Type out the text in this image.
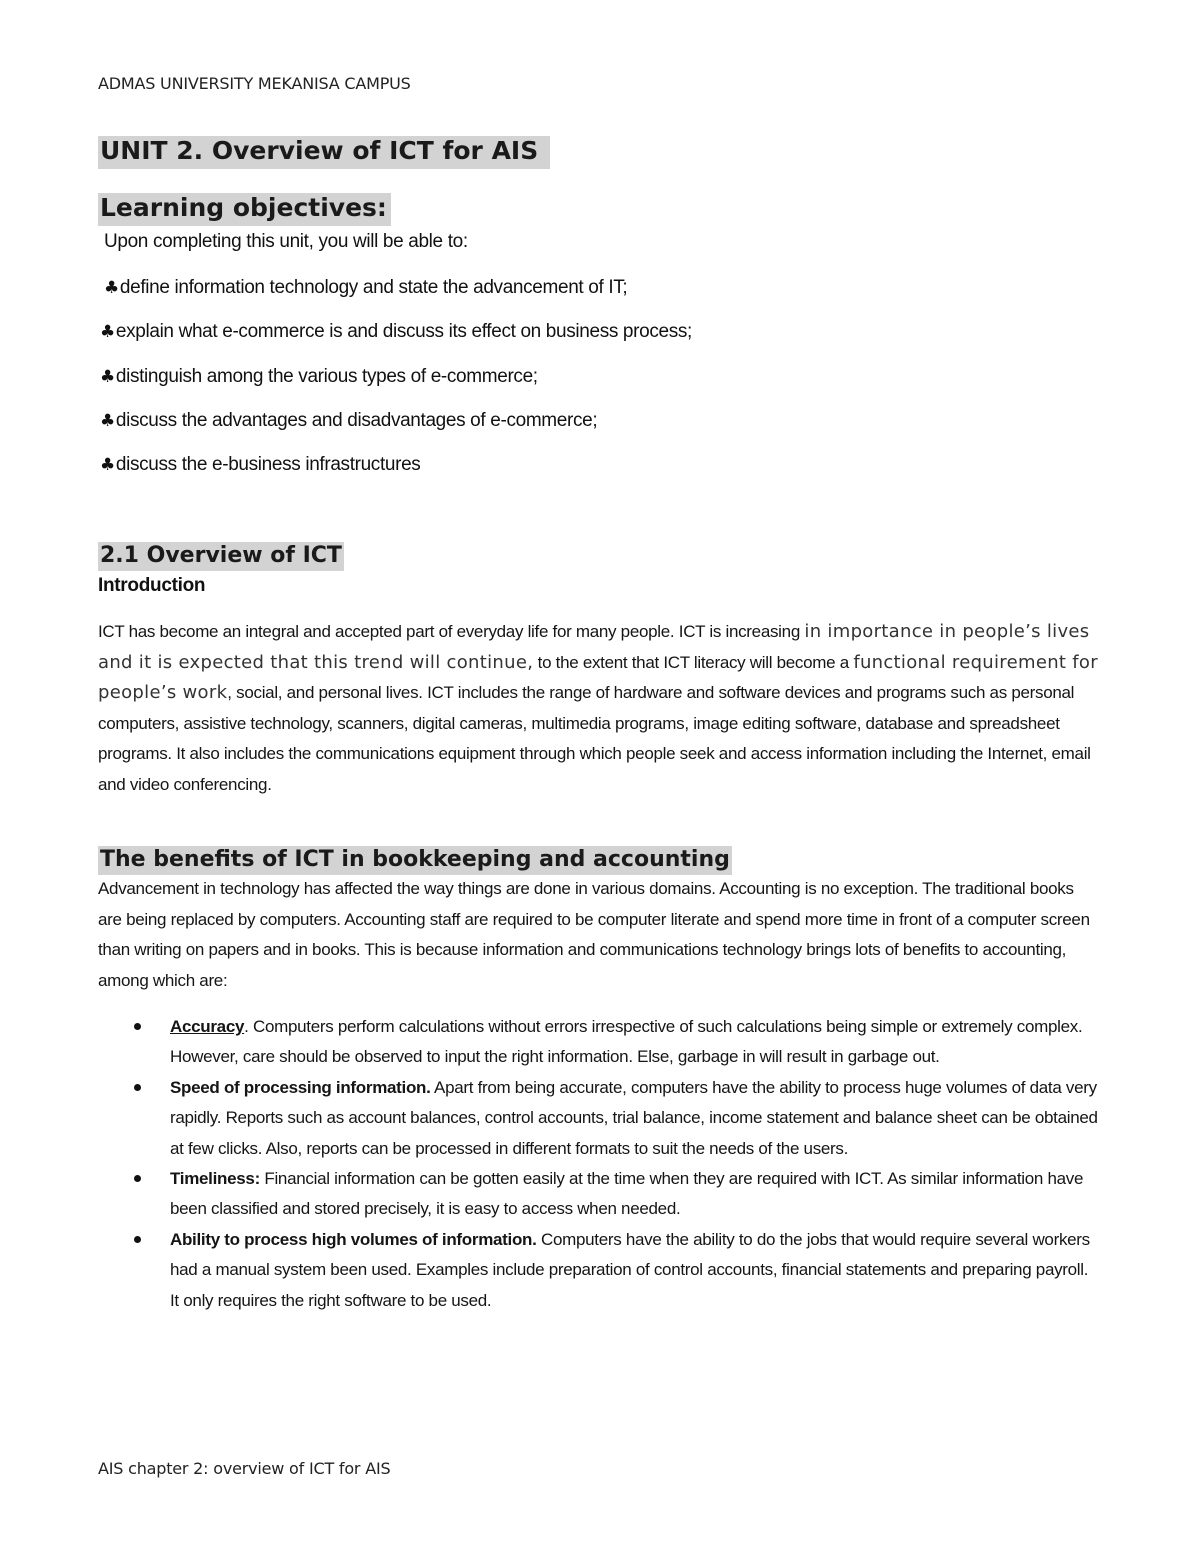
ADMAS UNIVERSITY MEKANISA CAMPUS
UNIT 2. Overview of ICT for AIS
Learning objectives:
Upon completing this unit, you will be able to:
♣define information technology and state the advancement of IT;
♣explain what e-commerce is and discuss its effect on business process;
♣distinguish among the various types of e-commerce;
♣discuss the advantages and disadvantages of e-commerce;
♣discuss the e-business infrastructures
2.1 Overview of ICT
Introduction
ICT has become an integral and accepted part of everyday life for many people. ICT is increasing in importance in people’s lives and it is expected that this trend will continue, to the extent that ICT literacy will become a functional requirement for people’s work, social, and personal lives. ICT includes the range of hardware and software devices and programs such as personal computers, assistive technology, scanners, digital cameras, multimedia programs, image editing software, database and spreadsheet programs. It also includes the communications equipment through which people seek and access information including the Internet, email and video conferencing.
The benefits of ICT in bookkeeping and accounting
Advancement in technology has affected the way things are done in various domains. Accounting is no exception. The traditional books are being replaced by computers. Accounting staff are required to be computer literate and spend more time in front of a computer screen than writing on papers and in books. This is because information and communications technology brings lots of benefits to accounting, among which are:
Accuracy. Computers perform calculations without errors irrespective of such calculations being simple or extremely complex. However, care should be observed to input the right information. Else, garbage in will result in garbage out.
Speed of processing information. Apart from being accurate, computers have the ability to process huge volumes of data very rapidly. Reports such as account balances, control accounts, trial balance, income statement and balance sheet can be obtained at few clicks. Also, reports can be processed in different formats to suit the needs of the users.
Timeliness: Financial information can be gotten easily at the time when they are required with ICT. As similar information have been classified and stored precisely, it is easy to access when needed.
Ability to process high volumes of information. Computers have the ability to do the jobs that would require several workers had a manual system been used. Examples include preparation of control accounts, financial statements and preparing payroll. It only requires the right software to be used.
AIS chapter 2: overview of ICT for AIS
